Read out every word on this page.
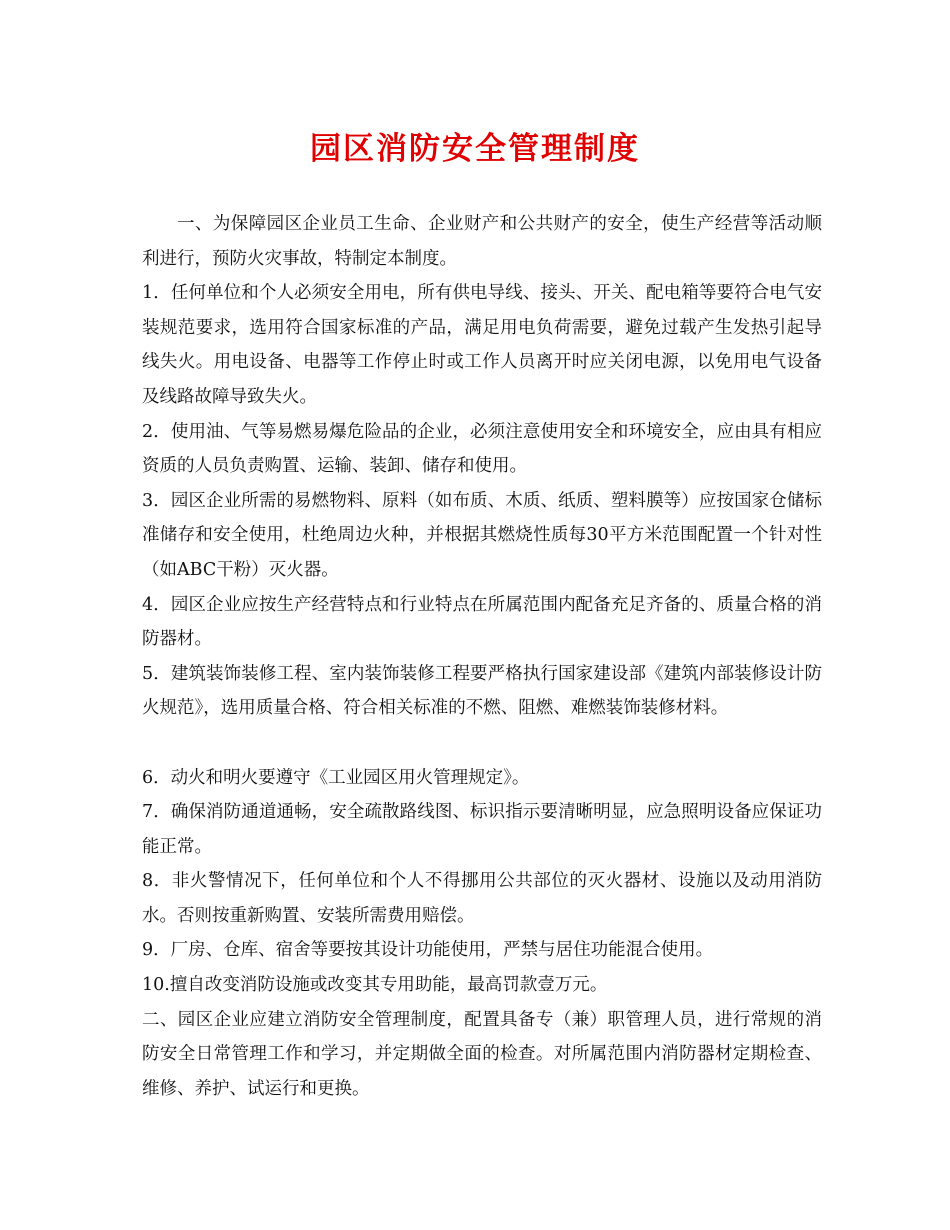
园区消防安全管理制度

一、为保障园区企业员工生命、企业财产和公共财产的安全，使生产经营等活动顺利进行，预防火灾事故，特制定本制度。

1．任何单位和个人必须安全用电，所有供电导线、接头、开关、配电箱等要符合电气安装规范要求，选用符合国家标准的产品，满足用电负荷需要，避免过载产生发热引起导线失火。用电设备、电器等工作停止时或工作人员离开时应关闭电源，以免用电气设备及线路故障导致失火。

2．使用油、气等易燃易爆危险品的企业，必须注意使用安全和环境安全，应由具有相应资质的人员负责购置、运输、装卸、储存和使用。

3．园区企业所需的易燃物料、原料（如布质、木质、纸质、塑料膜等）应按国家仓储标准储存和安全使用，杜绝周边火种，并根据其燃烧性质每30平方米范围配置一个针对性（如ABC干粉）灭火器。

4．园区企业应按生产经营特点和行业特点在所属范围内配备充足齐备的、质量合格的消防器材。

5．建筑装饰装修工程、室内装饰装修工程要严格执行国家建设部《建筑内部装修设计防火规范》，选用质量合格、符合相关标准的不燃、阻燃、难燃装饰装修材料。

6．动火和明火要遵守《工业园区用火管理规定》。

7．确保消防通道通畅，安全疏散路线图、标识指示要清晰明显，应急照明设备应保证功能正常。

8．非火警情况下，任何单位和个人不得挪用公共部位的灭火器材、设施以及动用消防水。否则按重新购置、安装所需费用赔偿。

9．厂房、仓库、宿舍等要按其设计功能使用，严禁与居住功能混合使用。

10.擅自改变消防设施或改变其专用助能，最高罚款壹万元。

二、园区企业应建立消防安全管理制度，配置具备专（兼）职管理人员，进行常规的消防安全日常管理工作和学习，并定期做全面的检查。对所属范围内消防器材定期检查、维修、养护、试运行和更换。
